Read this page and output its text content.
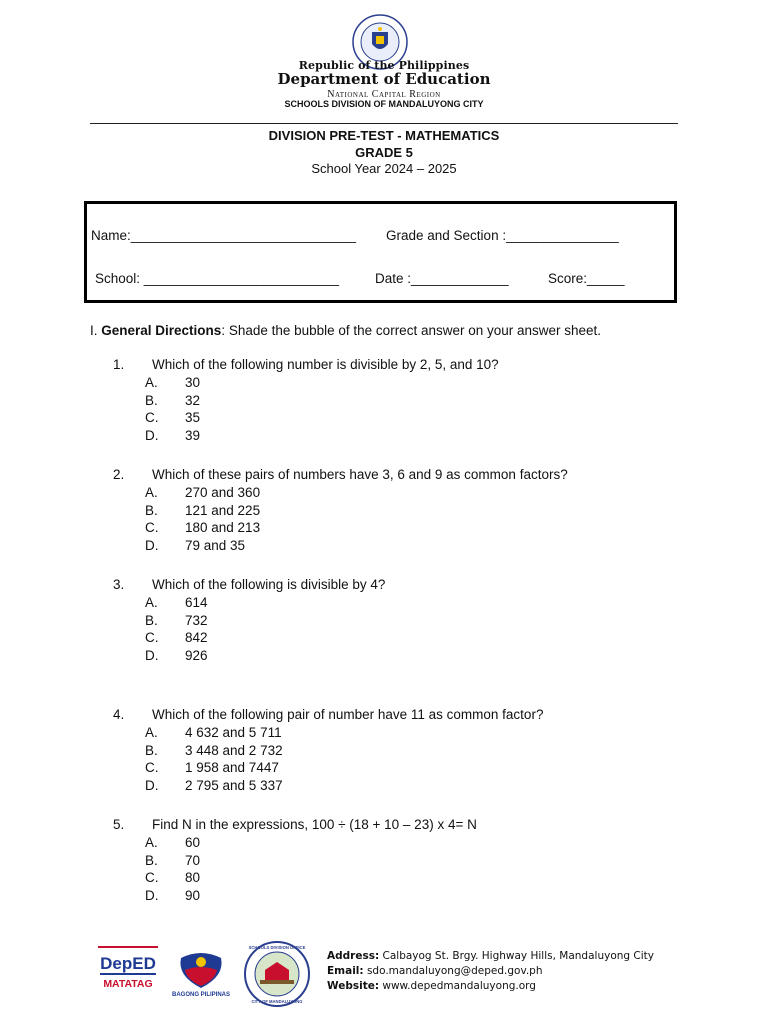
Republic of the Philippines
Department of Education
National Capital Region
SCHOOLS DIVISION OF MANDALUYONG CITY
DIVISION PRE-TEST - MATHEMATICS
GRADE 5
School Year 2024 – 2025
Name:______________________________ Grade and Section :_______________
School: __________________________	Date :_____________	Score:_____
I. General Directions: Shade the bubble of the correct answer on your answer sheet.
1. Which of the following number is divisible by 2, 5, and 10?
A. 30
B. 32
C. 35
D. 39
2. Which of these pairs of numbers have 3, 6 and 9 as common factors?
A. 270 and 360
B. 121 and 225
C. 180 and 213
D. 79 and 35
3. Which of the following is divisible by 4?
A. 614
B. 732
C. 842
D. 926
4. Which of the following pair of number have 11 as common factor?
A. 4 632 and 5 711
B. 3 448 and 2 732
C. 1 958 and 7447
D. 2 795 and 5 337
5. Find N in the expressions, 100 ÷ (18 + 10 – 23) x 4= N
A. 60
B. 70
C. 80
D. 90
DepED
MATATAG
BAGONG PILIPINAS
SCHOOLS DIVISION OFFICE
CITY OF MANDALUYONG
Address: Calbayog St. Brgy. Highway Hills, Mandaluyong City
Email: sdo.mandaluyong@deped.gov.ph
Website: www.depedmandaluyong.org
